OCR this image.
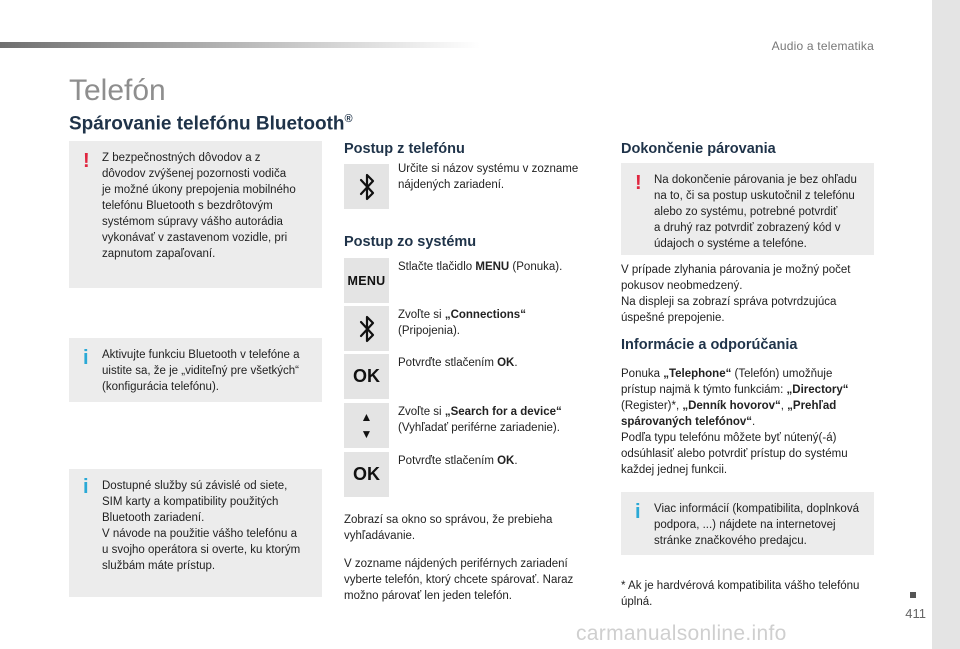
Audio a telematika
Telefón
Spárovanie telefónu Bluetooth®
! Z bezpečnostných dôvodov a z
dôvodov zvýšenej pozornosti vodiča
je možné úkony prepojenia mobilného
telefónu Bluetooth s bezdrôtovým
systémom súpravy vášho autorádia
vykonávať v zastavenom vozidle, pri
zapnutom zapaľovaní.
i Aktivujte funkciu Bluetooth v telefóne a
uistite sa, že je „viditeľný pre všetkých“
(konfigurácia telefónu).
i Dostupné služby sú závislé od siete,
SIM karty a kompatibility použitých
Bluetooth zariadení.
V návode na použitie vášho telefónu a
u svojho operátora si overte, ku ktorým
službám máte prístup.
Postup z telefónu
Určite si názov systému v zozname
nájdených zariadení.
Postup zo systému
MENU
Stlačte tlačidlo MENU (Ponuka).
Zvoľte si „Connections“
(Pripojenia).
OK
Potvrďte stlačením OK.
▲
▼
Zvoľte si „Search for a device“
(Vyhľadať periférne zariadenie).
OK
Potvrďte stlačením OK.
Zobrazí sa okno so správou, že prebieha
vyhľadávanie.
V zozname nájdených periférnych zariadení
vyberte telefón, ktorý chcete spárovať. Naraz
možno párovať len jeden telefón.
Dokončenie párovania
! Na dokončenie párovania je bez ohľadu
na to, či sa postup uskutočnil z telefónu
alebo zo systému, potrebné potvrdiť
a druhý raz potvrdiť zobrazený kód v
údajoch o systéme a telefóne.
V prípade zlyhania párovania je možný počet
pokusov neobmedzený.
Na displeji sa zobrazí správa potvrdzujúca
úspešné prepojenie.
Informácie a odporúčania
Ponuka „Telephone“ (Telefón) umožňuje
prístup najmä k týmto funkciám: „Directory“
(Register)*, „Denník hovorov“, „Prehľad
spárovaných telefónov“.
Podľa typu telefónu môžete byť nútený(-á)
odsúhlasiť alebo potvrdiť prístup do systému
každej jednej funkcii.
i Viac informácií (kompatibilita, doplnková
podpora, ...) nájdete na internetovej
stránke značkového predajcu.
* Ak je hardvérová kompatibilita vášho telefónu
úplná.
411
carmanualsonline.info
